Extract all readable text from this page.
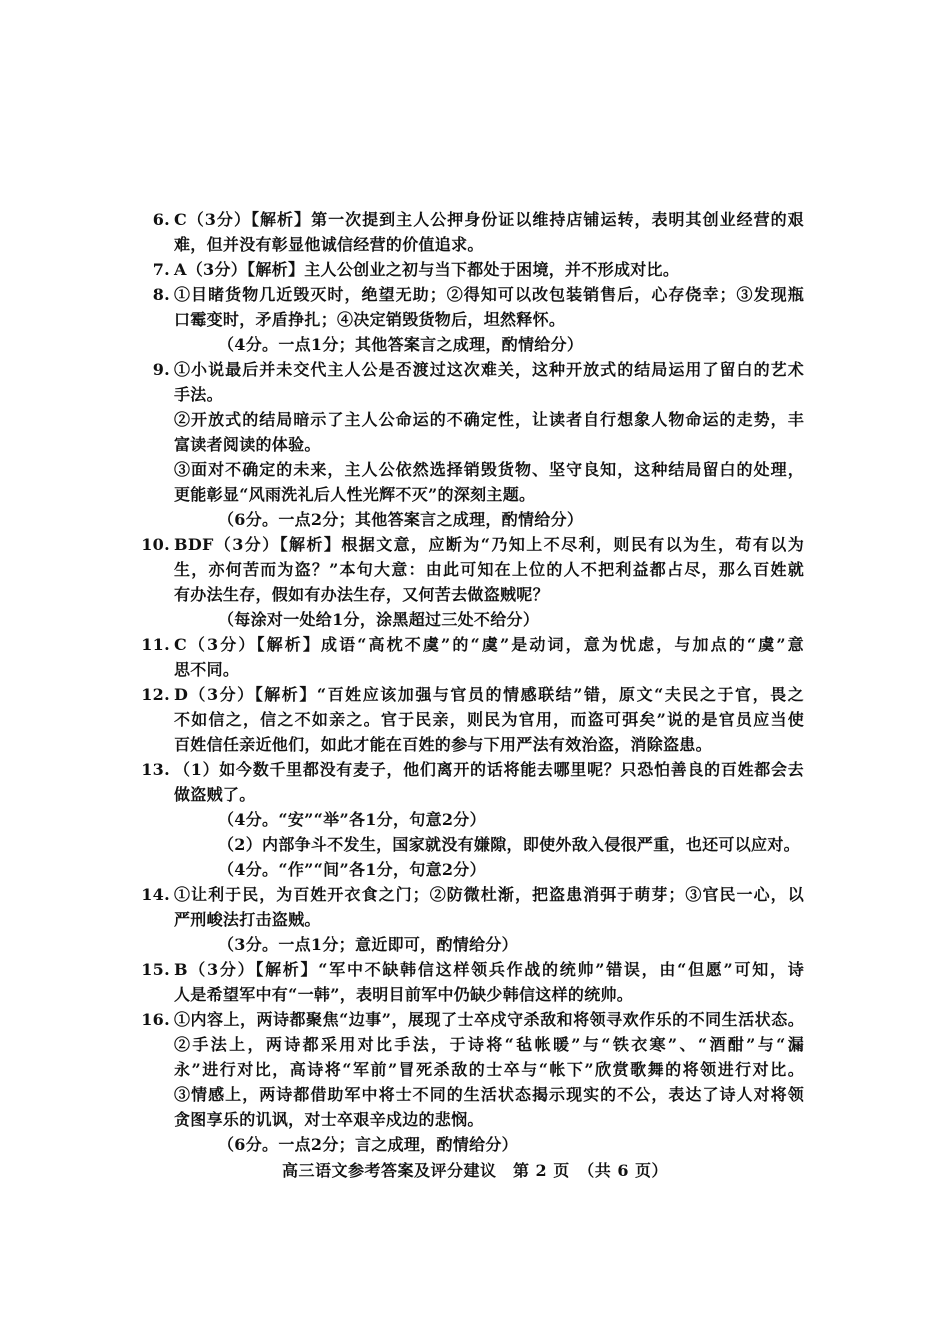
6. C（3分）【解析】第一次提到主人公押身份证以维持店铺运转，表明其创业经营的艰
难，但并没有彰显他诚信经营的价值追求。
7. A（3分）【解析】主人公创业之初与当下都处于困境，并不形成对比。
8. ①目睹货物几近毁灭时，绝望无助；②得知可以改包装销售后，心存侥幸；③发现瓶
口霉变时，矛盾挣扎；④决定销毁货物后，坦然释怀。
（4分。一点1分；其他答案言之成理，酌情给分）
9. ①小说最后并未交代主人公是否渡过这次难关，这种开放式的结局运用了留白的艺术
手法。
②开放式的结局暗示了主人公命运的不确定性，让读者自行想象人物命运的走势，丰
富读者阅读的体验。
③面对不确定的未来，主人公依然选择销毁货物、坚守良知，这种结局留白的处理，
更能彰显“风雨洗礼后人性光辉不灭”的深刻主题。
（6分。一点2分；其他答案言之成理，酌情给分）
10. BDF（3分）【解析】根据文意，应断为“乃知上不尽利，则民有以为生，苟有以为
生，亦何苦而为盗？”本句大意：由此可知在上位的人不把利益都占尽，那么百姓就
有办法生存，假如有办法生存，又何苦去做盗贼呢？
（每涂对一处给1分，涂黑超过三处不给分）
11. C（3分）【解析】成语“高枕不虞”的“虞”是动词，意为忧虑，与加点的“虞”意
思不同。
12. D（3分）【解析】“百姓应该加强与官员的情感联结”错，原文“夫民之于官，畏之
不如信之，信之不如亲之。官于民亲，则民为官用，而盗可弭矣”说的是官员应当使
百姓信任亲近他们，如此才能在百姓的参与下用严法有效治盗，消除盗患。
13. （1）如今数千里都没有麦子，他们离开的话将能去哪里呢？只恐怕善良的百姓都会去
做盗贼了。
（4分。“安”“举”各1分，句意2分）
（2）内部争斗不发生，国家就没有嫌隙，即使外敌入侵很严重，也还可以应对。
（4分。“作”“间”各1分，句意2分）
14. ①让利于民，为百姓开衣食之门；②防微杜渐，把盗患消弭于萌芽；③官民一心，以
严刑峻法打击盗贼。
（3分。一点1分；意近即可，酌情给分）
15. B（3分）【解析】“军中不缺韩信这样领兵作战的统帅”错误，由“但愿”可知，诗
人是希望军中有“一韩”，表明目前军中仍缺少韩信这样的统帅。
16. ①内容上，两诗都聚焦“边事”，展现了士卒戍守杀敌和将领寻欢作乐的不同生活状态。
②手法上，两诗都采用对比手法，于诗将“毡帐暖”与“铁衣寒”、“酒酣”与“漏
永”进行对比，高诗将“军前”冒死杀敌的士卒与“帐下”欣赏歌舞的将领进行对比。
③情感上，两诗都借助军中将士不同的生活状态揭示现实的不公，表达了诗人对将领
贪图享乐的讥讽，对士卒艰辛戍边的悲悯。
（6分。一点2分；言之成理，酌情给分）
高三语文参考答案及评分建议　第 2 页　（共 6 页）
